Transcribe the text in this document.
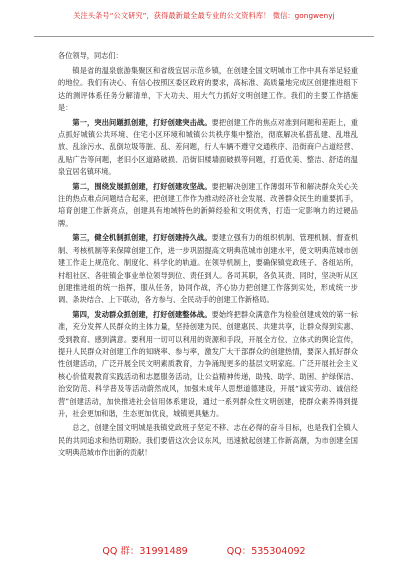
关注头条号“公文研究”，获得最新最全最专业的公文资料库！ 微信：gongwenyj
各位领导，同志们：

镇是省的温泉旅游集聚区和省级宜居示范乡镇，在创建全国文明城市工作中具有举足轻重的地位。我们有决心、有信心按照区委区政府的要求，高标准、高质量地完成区创建推进组下达的测评体系任务分解清单，下大功夫、用大气力抓好文明创建工作。我们的主要工作措施是：

第一，突出问题抓创建，打好创建突击战。要把创建工作的焦点对准到问题和差距上，重点抓好城镇公共环境、住宅小区环境和城镇公共秩序集中整治，彻底解决私搭乱建、乱堆乱放、乱涂污水、乱倒垃圾等脏、乱、差问题，行人车辆不遵守交通秩序、沿街商户占道经营、乱贴广告等问题，老旧小区道路破损、沿街旧楼墙面破损等问题，打造优美、整洁、舒适的温泉宜居名镇环境。

第二，围绕发展抓创建，打好创建攻坚战。要把解决创建工作薄弱环节和解决群众关心关注的热点难点问题结合起来，把创建工作作为推动经济社会发展、改善群众民生的重要抓手，培育创建工作新亮点，创建具有地域特色的新鲜经验和文明优秀，打造一定影响力的过硬品牌。

第三，健全机制抓创建，打好创建持久战。要建立强有力的组织机制、管理机制、督查机制、考核机制等来保障创建工作，进一步巩固提高文明典范城市创建水平，使文明典范城市创建工作走上规范化、制度化、科学化的轨道。在领导机制上，要确保镇党政班子、各组站所，村组社区、各驻镇企事业单位领导到位、责任到人。各司其职，各负其责、同时，坚决听从区创建推进组的统一指挥，服从任务，协同作战，齐心协力把创建工作落到实处，形成统一步调、条块结合、上下联动，各方参与、全民动手的创建工作新格局。

第四，发动群众抓创建，打好创建整体战。要始终把群众满意作为检验创建成效的第一标准，充分发挥人民群众的主体力量，坚持创建为民、创建惠民、共建共享，让群众得到实惠、受到教育、感到满意。要利用一切可以利用的资源和手段，开展全方位、立体式的舆论宣传，提升人民群众对创建工作的知晓率、参与率，激发广大干部群众的创建热情，要深入抓好群众性创建活动，广泛开展全民文明素质教育，力争涌现更多的基层文明家庭。广泛开展社会主义核心价值观教育实践活动和志愿服务活动，让公益精神传递，助残、助学、助困、护绿保洁、治安防范、科学普及等活动蔚然成风，加强未成年人思想道德建设，开展“诚实劳动、诚信经营”创建活动，加快推进社会信用体系建设，通过一系列群众性文明创建，使群众素养得到提升，社会更加和谐，生态更加优良，城镇更具魅力。

总之，创建全国文明城是我镇党政班子坚定不移、志在必得的奋斗目标，也是我们全镇人民的共同追求和热切期盼。我们要借这次会议东风，迅速掀起创建工作新高潮，为市创建全国文明典范城市作出新的贡献！

QQ 群：31991489	QQ：535304092
